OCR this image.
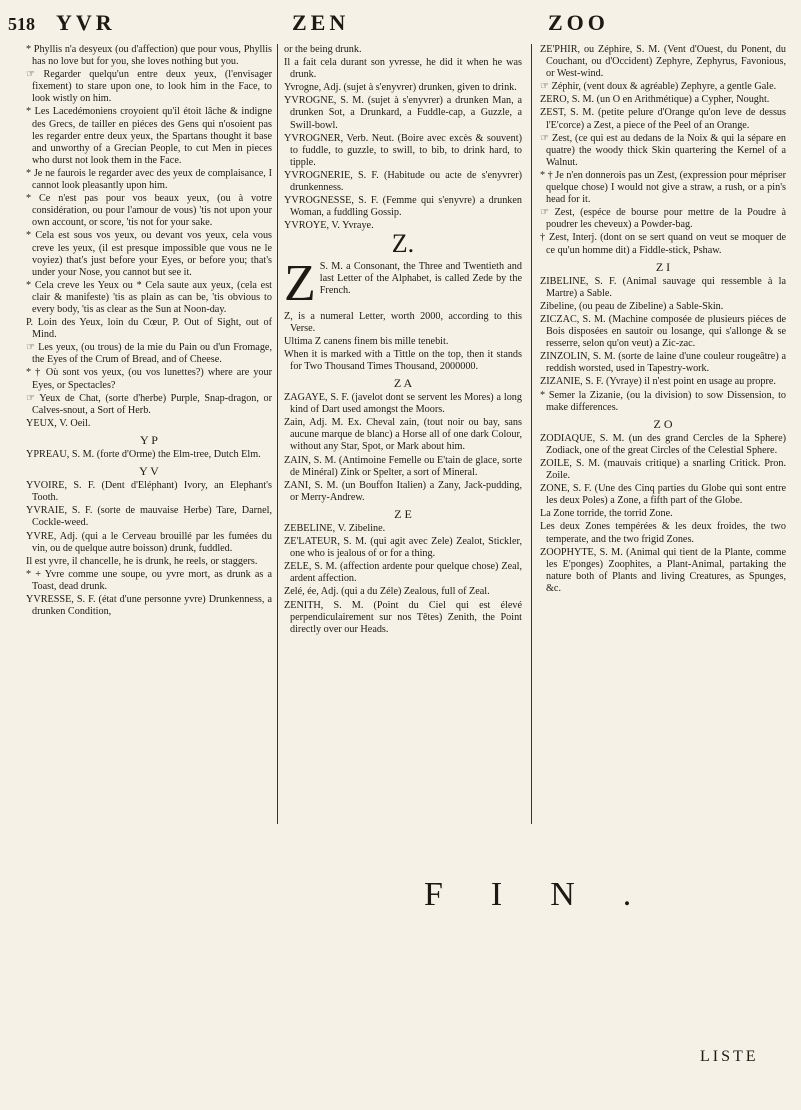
518 YVR	ZEN	ZOO
* Phyllis n'a desyeux (ou d'affection) que pour vous, Phyllis has no love but for you, she loves nothing but you.
☞ Regarder quelqu'un entre deux yeux, (l'envisager fixement) to stare upon one, to look him in the Face, to look wistly on him.
* Les Lacedémoniens croyoient qu'il étoit lâche & indigne des Grecs, de tailler en piéces des Gens qui n'osoient pas les regarder entre deux yeux, the Spartans thought it base and unworthy of a Grecian People, to cut Men in pieces who durst not look them in the Face.
* Je ne faurois le regarder avec des yeux de complaisance, I cannot look pleasantly upon him.
* Ce n'est pas pour vos beaux yeux, (ou à votre considération, ou pour l'amour de vous) 'tis not upon your own account, or score, 'tis not for your sake.
* Cela est sous vos yeux, ou devant vos yeux, cela vous creve les yeux, (il est presque impossible que vous ne le voyiez) that's just before your Eyes, or before you; that's under your Nose, you cannot but see it.
* Cela creve les Yeux ou * Cela saute aux yeux, (cela est clair & manifeste) 'tis as plain as can be, 'tis obvious to every body, 'tis as clear as the Sun at Noon-day.
P. Loin des Yeux, loin du Cœur, P. Out of Sight, out of Mind.
☞ Les yeux, (ou trous) de la mie du Pain ou d'un Fromage, the Eyes of the Crum of Bread, and of Cheese.
* † Où sont vos yeux, (ou vos lunettes?) where are your Eyes, or Spectacles?
☞ Yeux de Chat, (sorte d'herbe) Purple, Snap-dragon, or Calves-snout, a Sort of Herb.
YEUX, V. Oeil.
Y P
YPREAU, S. M. (forte d'Orme) the Elm-tree, Dutch Elm.
Y V
YVOIRE, S. F. (Dent d'Eléphant) Ivory, an Elephant's Tooth.
YVRAIE, S. F. (sorte de mauvaise Herbe) Tare, Darnel, Cockle-weed.
YVRE, Adj. (qui a le Cerveau brouillé par les fumées du vin, ou de quelque autre boisson) drunk, fuddled.
Il est yvre, il chancelle, he is drunk, he reels, or staggers.
* + Yvre comme une soupe, ou yvre mort, as drunk as a Toast, dead drunk.
YVRESSE, S. F. (état d'une personne yvre) Drunkenness, a drunken Condition,
or the being drunk.
Il a fait cela durant son yvresse, he did it when he was drunk.
Yvrogne, Adj. (sujet à s'enyvrer) drunken, given to drink.
YVROGNE, S. M. (sujet à s'enyvrer) a drunken Man, a drunken Sot, a Drunkard, a Fuddle-cap, a Guzzle, a Swill-bowl.
YVROGNER, Verb. Neut. (Boire avec excès & souvent) to fuddle, to guzzle, to swill, to bib, to drink hard, to tipple.
YVROGNERIE, S. F. (Habitude ou acte de s'enyvrer) drunkenness.
YVROGNESSE, S. F. (Femme qui s'enyvre) a drunken Woman, a fuddling Gossip.
YVROYE, V. Yvraye.
Z.
Z S. M. a Consonant, the Three and Twentieth and last Letter of the Alphabet, is called Zede by the French.
Z, is a numeral Letter, worth 2000, according to this Verse.
Ultima Z canens finem bis mille tenebit.
When it is marked with a Tittle on the top, then it stands for Two Thousand Times Thousand, 2000000.
Z A
ZAGAYE, S. F. (javelot dont se servent les Mores) a long kind of Dart used amongst the Moors.
Zain, Adj. M. Ex. Cheval zain, (tout noir ou bay, sans aucune marque de blanc) a Horse all of one dark Colour, without any Star, Spot, or Mark about him.
ZAIN, S. M. (Antimoine Femelle ou E'tain de glace, sorte de Minéral) Zink or Spelter, a sort of Mineral.
ZANI, S. M. (un Bouffon Italien) a Zany, Jack-pudding, or Merry-Andrew.
Z E
ZEBELINE, V. Zibeline.
ZE'LATEUR, S. M. (qui agit avec Zele) Zealot, Stickler, one who is jealous of or for a thing.
ZELE, S. M. (affection ardente pour quelque chose) Zeal, ardent affection.
Zelé, ée, Adj. (qui a du Zéle) Zealous, full of Zeal.
ZENITH, S. M. (Point du Ciel qui est élevé perpendiculairement sur nos Têtes) Zenith, the Point directly over our Heads.
ZE'PHIR, ou Zéphire, S. M. (Vent d'Ouest, du Ponent, du Couchant, ou d'Occident) Zephyre, Zephyrus, Favonious, or West-wind.
☞ Zéphir, (vent doux & agréable) Zephyre, a gentle Gale.
ZERO, S. M. (un O en Arithmétique) a Cypher, Nought.
ZEST, S. M. (petite pelure d'Orange qu'on leve de dessus l'E'corce) a Zest, a piece of the Peel of an Orange.
☞ Zest, (ce qui est au dedans de la Noix & qui la sépare en quatre) the woody thick Skin quartering the Kernel of a Walnut.
* † Je n'en donnerois pas un Zest, (expression pour mépriser quelque chose) I would not give a straw, a rush, or a pin's head for it.
☞ Zest, (espéce de bourse pour mettre de la Poudre à poudrer les cheveux) a Powder-bag.
† Zest, Interj. (dont on se sert quand on veut se moquer de ce qu'un homme dit) a Fiddle-stick, Pshaw.
Z I
ZIBELINE, S. F. (Animal sauvage qui ressemble à la Martre) a Sable.
Zibeline, (ou peau de Zibeline) a Sable-Skin.
ZICZAC, S. M. (Machine composée de plusieurs piéces de Bois disposées en sautoir ou losange, qui s'allonge & se resserre, selon qu'on veut) a Zic-zac.
ZINZOLIN, S. M. (sorte de laine d'une couleur rougeâtre) a reddish worsted, used in Tapestry-work.
ZIZANIE, S. F. (Yvraye) il n'est point en usage au propre.
* Semer la Zizanie, (ou la division) to sow Dissension, to make differences.
Z O
ZODIAQUE, S. M. (un des grand Cercles de la Sphere) Zodiack, one of the great Circles of the Celestial Sphere.
ZOILE, S. M. (mauvais critique) a snarling Critick. Pron. Zoile.
ZONE, S. F. (Une des Cinq parties du Globe qui sont entre les deux Poles) a Zone, a fifth part of the Globe.
La Zone torride, the torrid Zone.
Les deux Zones tempérées & les deux froides, the two temperate, and the two frigid Zones.
ZOOPHYTE, S. M. (Animal qui tient de la Plante, comme les E'ponges) Zoophites, a Plant-Animal, partaking the nature both of Plants and living Creatures, as Spunges, &c.
FIN.
LISTE
